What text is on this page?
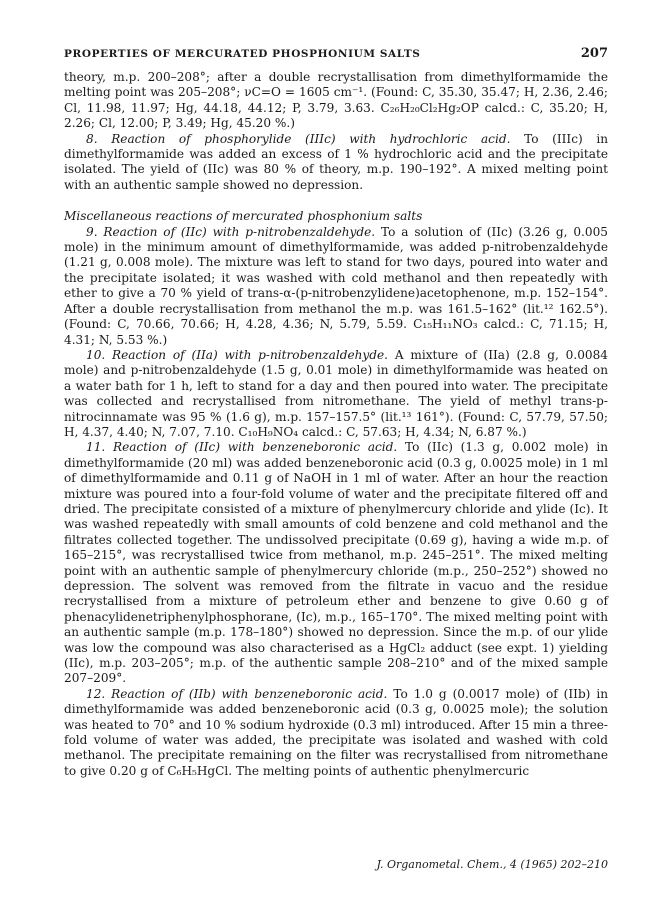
PROPERTIES OF MERCURATED PHOSPHONIUM SALTS	207

theory, m.p. 200–208°; after a double recrystallisation from dimethylformamide the melting point was 205–208°; νC=O = 1605 cm⁻¹. (Found: C, 35.30, 35.47; H, 2.36, 2.46; Cl, 11.98, 11.97; Hg, 44.18, 44.12; P, 3.79, 3.63. C₂₆H₂₀Cl₂Hg₂OP calcd.: C, 35.20; H, 2.26; Cl, 12.00; P, 3.49; Hg, 45.20 %.)

8. Reaction of phosphorylide (IIIc) with hydrochloric acid. To (IIIc) in dimethylformamide was added an excess of 1 % hydrochloric acid and the precipitate isolated. The yield of (IIc) was 80 % of theory, m.p. 190–192°. A mixed melting point with an authentic sample showed no depression.

Miscellaneous reactions of mercurated phosphonium salts

9. Reaction of (IIc) with p-nitrobenzaldehyde. To a solution of (IIc) (3.26 g, 0.005 mole) in the minimum amount of dimethylformamide, was added p-nitrobenzaldehyde (1.21 g, 0.008 mole). The mixture was left to stand for two days, poured into water and the precipitate isolated; it was washed with cold methanol and then repeatedly with ether to give a 70 % yield of trans-α-(p-nitrobenzylidene)acetophenone, m.p. 152–154°. After a double recrystallisation from methanol the m.p. was 161.5–162° (lit.¹² 162.5°). (Found: C, 70.66, 70.66; H, 4.28, 4.36; N, 5.79, 5.59. C₁₅H₁₁NO₃ calcd.: C, 71.15; H, 4.31; N, 5.53 %.)

10. Reaction of (IIa) with p-nitrobenzaldehyde. A mixture of (IIa) (2.8 g, 0.0084 mole) and p-nitrobenzaldehyde (1.5 g, 0.01 mole) in dimethylformamide was heated on a water bath for 1 h, left to stand for a day and then poured into water. The precipitate was collected and recrystallised from nitromethane. The yield of methyl trans-p-nitrocinnamate was 95 % (1.6 g), m.p. 157–157.5° (lit.¹³ 161°). (Found: C, 57.79, 57.50; H, 4.37, 4.40; N, 7.07, 7.10. C₁₀H₉NO₄ calcd.: C, 57.63; H, 4.34; N, 6.87 %.)

11. Reaction of (IIc) with benzeneboronic acid. To (IIc) (1.3 g, 0.002 mole) in dimethylformamide (20 ml) was added benzeneboronic acid (0.3 g, 0.0025 mole) in 1 ml of dimethylformamide and 0.11 g of NaOH in 1 ml of water. After an hour the reaction mixture was poured into a four-fold volume of water and the precipitate filtered off and dried. The precipitate consisted of a mixture of phenylmercury chloride and ylide (Ic). It was washed repeatedly with small amounts of cold benzene and cold methanol and the filtrates collected together. The undissolved precipitate (0.69 g), having a wide m.p. of 165–215°, was recrystallised twice from methanol, m.p. 245–251°. The mixed melting point with an authentic sample of phenylmercury chloride (m.p., 250–252°) showed no depression. The solvent was removed from the filtrate in vacuo and the residue recrystallised from a mixture of petroleum ether and benzene to give 0.60 g of phenacylidenetriphenylphosphorane, (Ic), m.p., 165–170°. The mixed melting point with an authentic sample (m.p. 178–180°) showed no depression. Since the m.p. of our ylide was low the compound was also characterised as a HgCl₂ adduct (see expt. 1) yielding (IIc), m.p. 203–205°; m.p. of the authentic sample 208–210° and of the mixed sample 207–209°.

12. Reaction of (IIb) with benzeneboronic acid. To 1.0 g (0.0017 mole) of (IIb) in dimethylformamide was added benzeneboronic acid (0.3 g, 0.0025 mole); the solution was heated to 70° and 10 % sodium hydroxide (0.3 ml) introduced. After 15 min a three-fold volume of water was added, the precipitate was isolated and washed with cold methanol. The precipitate remaining on the filter was recrystallised from nitromethane to give 0.20 g of C₆H₅HgCl. The melting points of authentic phenylmercuric

J. Organometal. Chem., 4 (1965) 202–210
